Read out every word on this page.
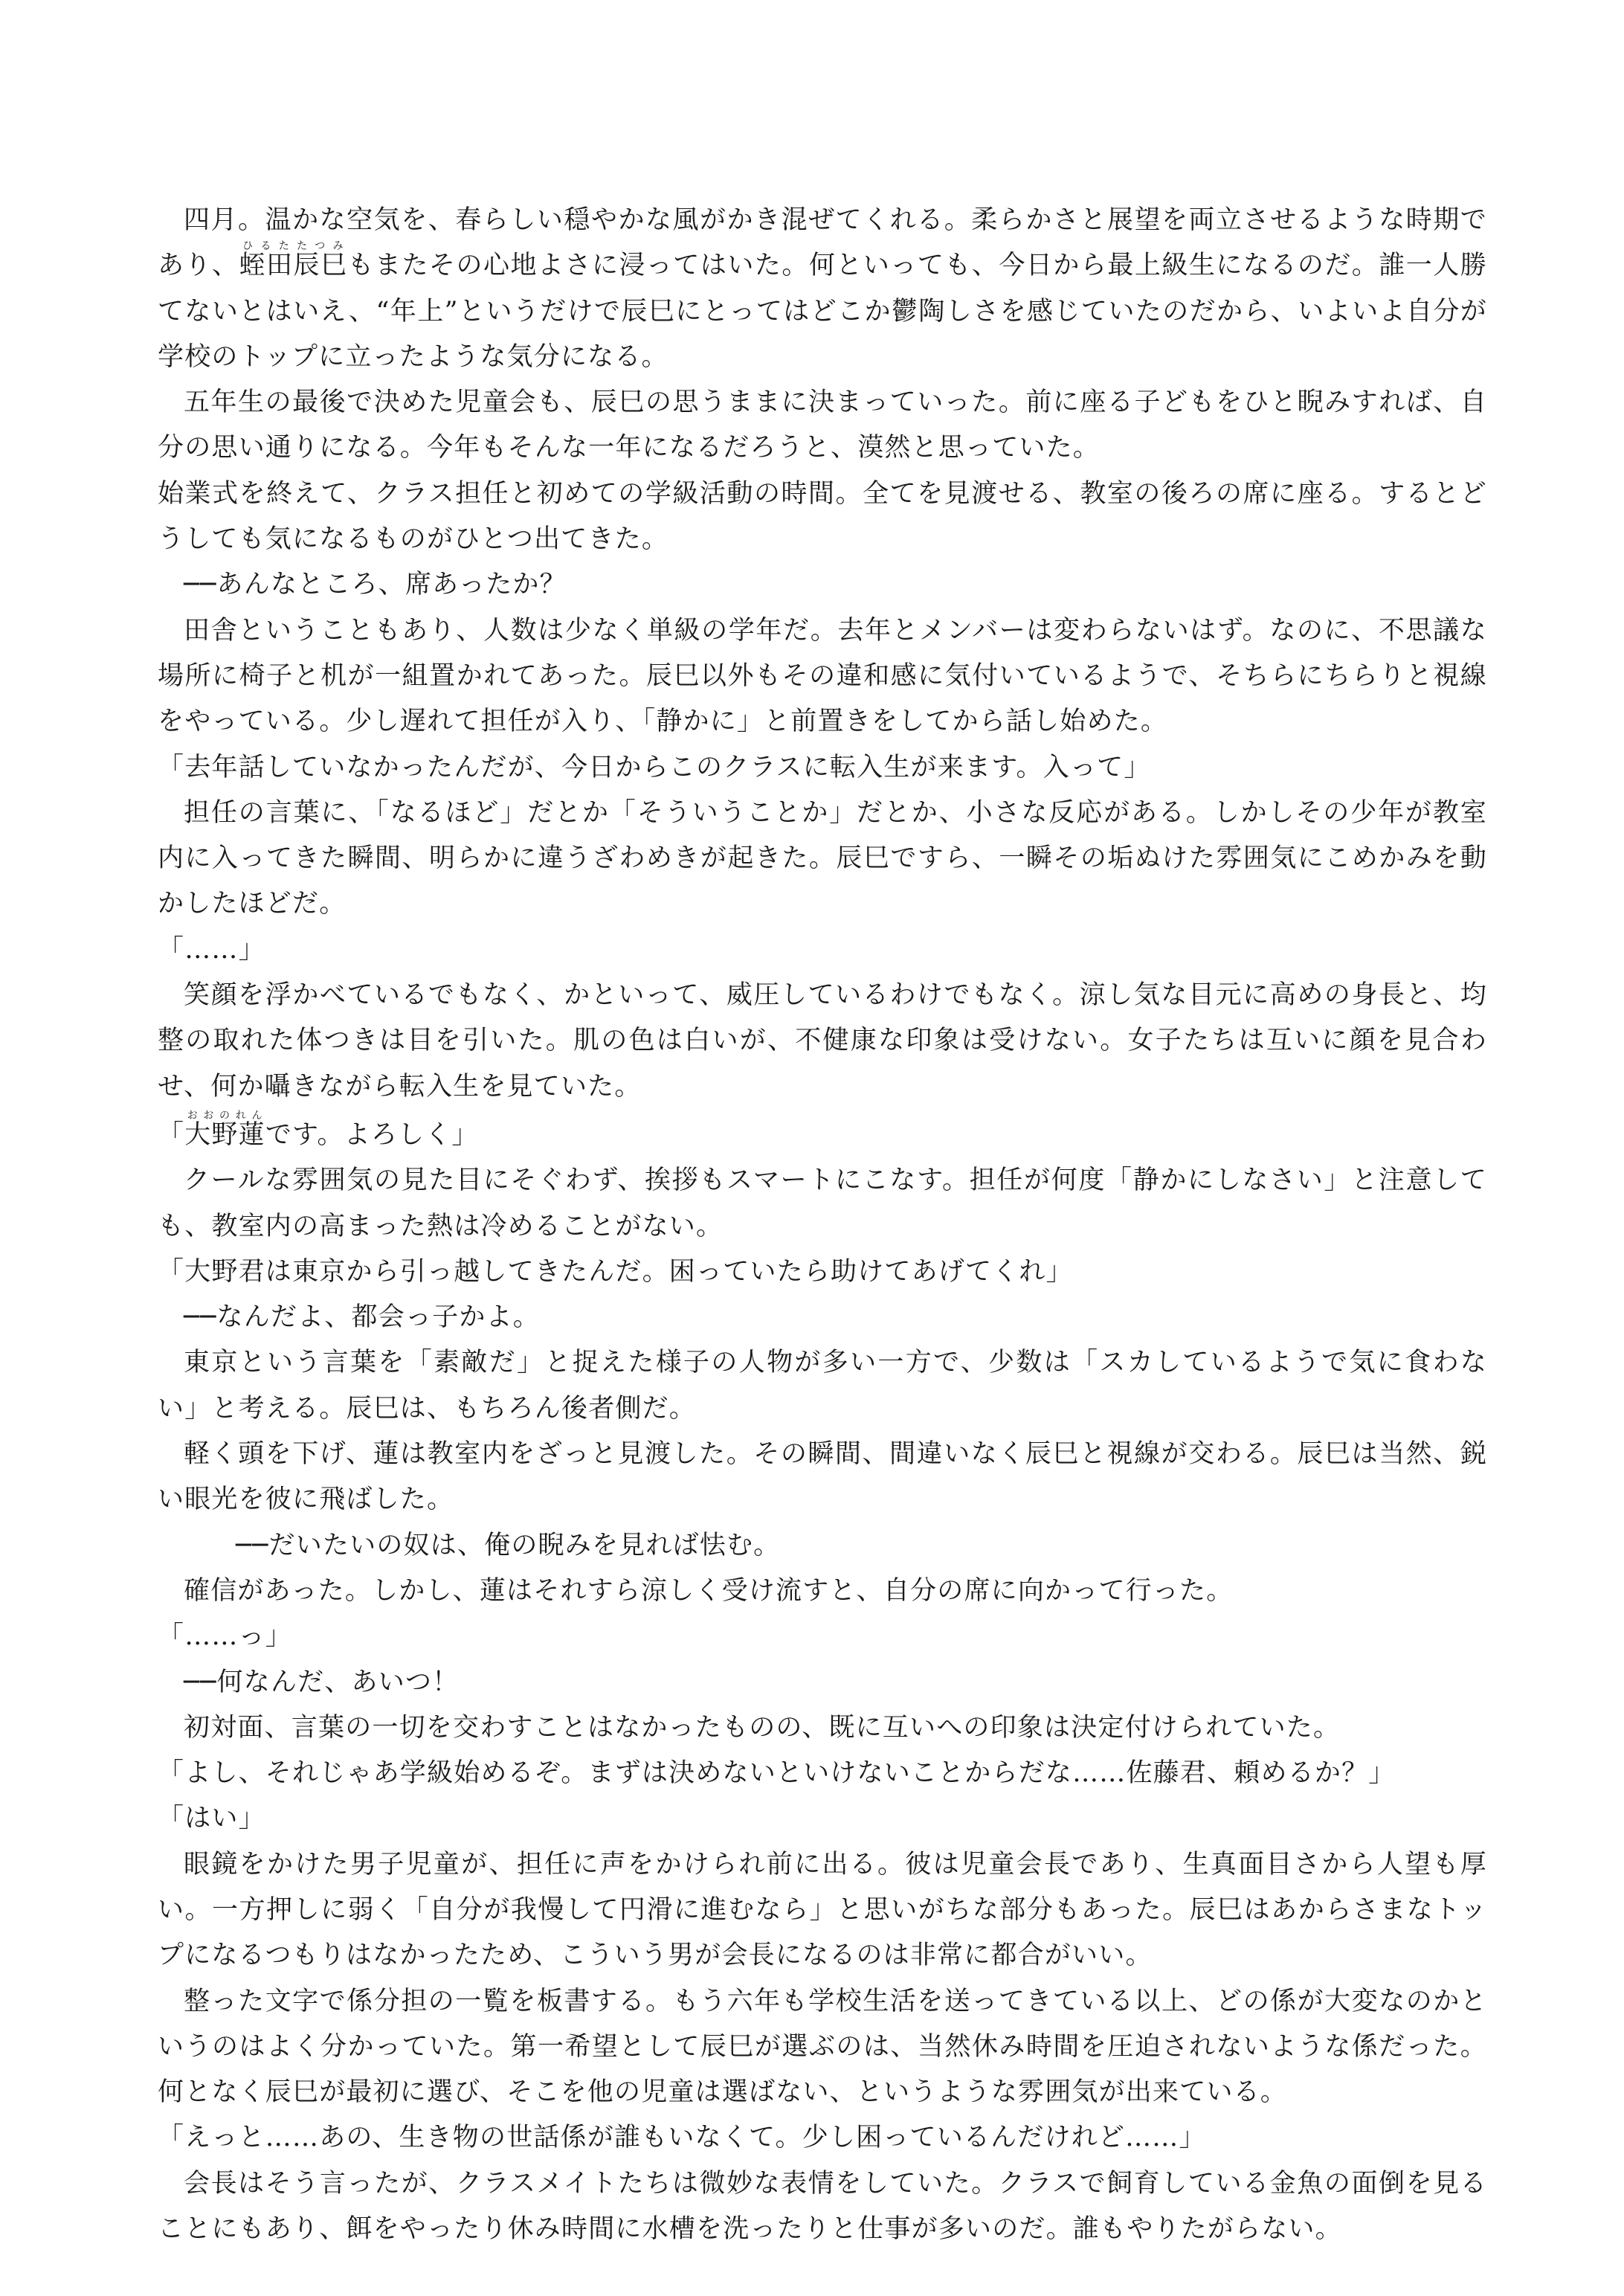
四月。温かな空気を、春らしい穏やかな風がかき混ぜてくれる。柔らかさと展望を両立させるような時期であり、蛭田辰巳ひるたたつみもまたその心地よさに浸ってはいた。何といっても、今日から最上級生になるのだ。誰一人勝てないとはいえ、“年上”というだけで辰巳にとってはどこか鬱陶しさを感じていたのだから、いよいよ自分が学校のトップに立ったような気分になる。

五年生の最後で決めた児童会も、辰巳の思うままに決まっていった。前に座る子どもをひと睨みすれば、自分の思い通りになる。今年もそんな一年になるだろうと、漠然と思っていた。

始業式を終えて、クラス担任と初めての学級活動の時間。全てを見渡せる、教室の後ろの席に座る。するとどうしても気になるものがひとつ出てきた。

──あんなところ、席あったか？

田舎ということもあり、人数は少なく単級の学年だ。去年とメンバーは変わらないはず。なのに、不思議な場所に椅子と机が一組置かれてあった。辰巳以外もその違和感に気付いているようで、そちらにちらりと視線をやっている。少し遅れて担任が入り、「静かに」と前置きをしてから話し始めた。

「去年話していなかったんだが、今日からこのクラスに転入生が来ます。入って」

担任の言葉に、「なるほど」だとか「そういうことか」だとか、小さな反応がある。しかしその少年が教室内に入ってきた瞬間、明らかに違うざわめきが起きた。辰巳ですら、一瞬その垢ぬけた雰囲気にこめかみを動かしたほどだ。

「……」

笑顔を浮かべているでもなく、かといって、威圧しているわけでもなく。涼し気な目元に高めの身長と、均整の取れた体つきは目を引いた。肌の色は白いが、不健康な印象は受けない。女子たちは互いに顔を見合わせ、何か囁きながら転入生を見ていた。

「大野蓮おおのれんです。よろしく」

クールな雰囲気の見た目にそぐわず、挨拶もスマートにこなす。担任が何度「静かにしなさい」と注意しても、教室内の高まった熱は冷めることがない。

「大野君は東京から引っ越してきたんだ。困っていたら助けてあげてくれ」

──なんだよ、都会っ子かよ。

東京という言葉を「素敵だ」と捉えた様子の人物が多い一方で、少数は「スカしているようで気に食わない」と考える。辰巳は、もちろん後者側だ。

軽く頭を下げ、蓮は教室内をざっと見渡した。その瞬間、間違いなく辰巳と視線が交わる。辰巳は当然、鋭い眼光を彼に飛ばした。

──だいたいの奴は、俺の睨みを見れば怯む。

確信があった。しかし、蓮はそれすら涼しく受け流すと、自分の席に向かって行った。

「……っ」

──何なんだ、あいつ！

初対面、言葉の一切を交わすことはなかったものの、既に互いへの印象は決定付けられていた。

「よし、それじゃあ学級始めるぞ。まずは決めないといけないことからだな……佐藤君、頼めるか？」

「はい」

眼鏡をかけた男子児童が、担任に声をかけられ前に出る。彼は児童会長であり、生真面目さから人望も厚い。一方押しに弱く「自分が我慢して円滑に進むなら」と思いがちな部分もあった。辰巳はあからさまなトップになるつもりはなかったため、こういう男が会長になるのは非常に都合がいい。

整った文字で係分担の一覧を板書する。もう六年も学校生活を送ってきている以上、どの係が大変なのかというのはよく分かっていた。第一希望として辰巳が選ぶのは、当然休み時間を圧迫されないような係だった。何となく辰巳が最初に選び、そこを他の児童は選ばない、というような雰囲気が出来ている。

「えっと……あの、生き物の世話係が誰もいなくて。少し困っているんだけれど……」

会長はそう言ったが、クラスメイトたちは微妙な表情をしていた。クラスで飼育している金魚の面倒を見ることにもあり、餌をやったり休み時間に水槽を洗ったりと仕事が多いのだ。誰もやりたがらない。
